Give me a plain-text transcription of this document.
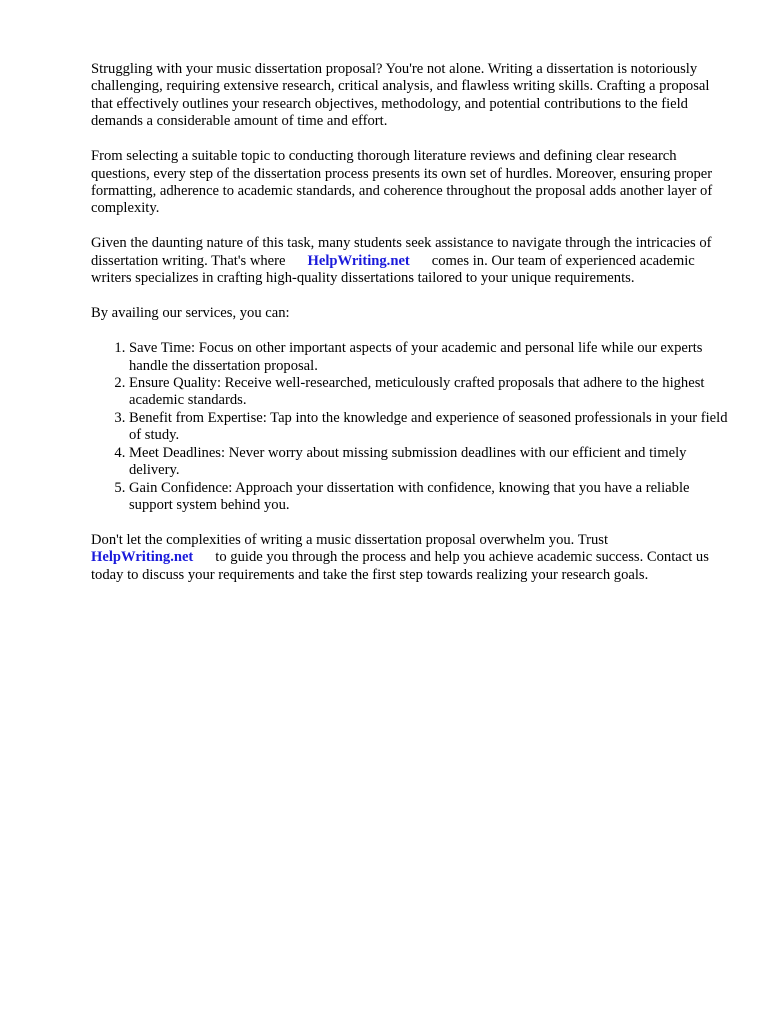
Struggling with your music dissertation proposal? You're not alone. Writing a dissertation is notoriously challenging, requiring extensive research, critical analysis, and flawless writing skills. Crafting a proposal that effectively outlines your research objectives, methodology, and potential contributions to the field demands a considerable amount of time and effort.

From selecting a suitable topic to conducting thorough literature reviews and defining clear research questions, every step of the dissertation process presents its own set of hurdles. Moreover, ensuring proper formatting, adherence to academic standards, and coherence throughout the proposal adds another layer of complexity.

Given the daunting nature of this task, many students seek assistance to navigate through the intricacies of dissertation writing. That's where HelpWriting.net comes in. Our team of experienced academic writers specializes in crafting high-quality dissertations tailored to your unique requirements.

By availing our services, you can:

1. Save Time: Focus on other important aspects of your academic and personal life while our experts handle the dissertation proposal.
2. Ensure Quality: Receive well-researched, meticulously crafted proposals that adhere to the highest academic standards.
3. Benefit from Expertise: Tap into the knowledge and experience of seasoned professionals in your field of study.
4. Meet Deadlines: Never worry about missing submission deadlines with our efficient and timely delivery.
5. Gain Confidence: Approach your dissertation with confidence, knowing that you have a reliable support system behind you.

Don't let the complexities of writing a music dissertation proposal overwhelm you. Trust
HelpWriting.net to guide you through the process and help you achieve academic success. Contact us today to discuss your requirements and take the first step towards realizing your research goals.
